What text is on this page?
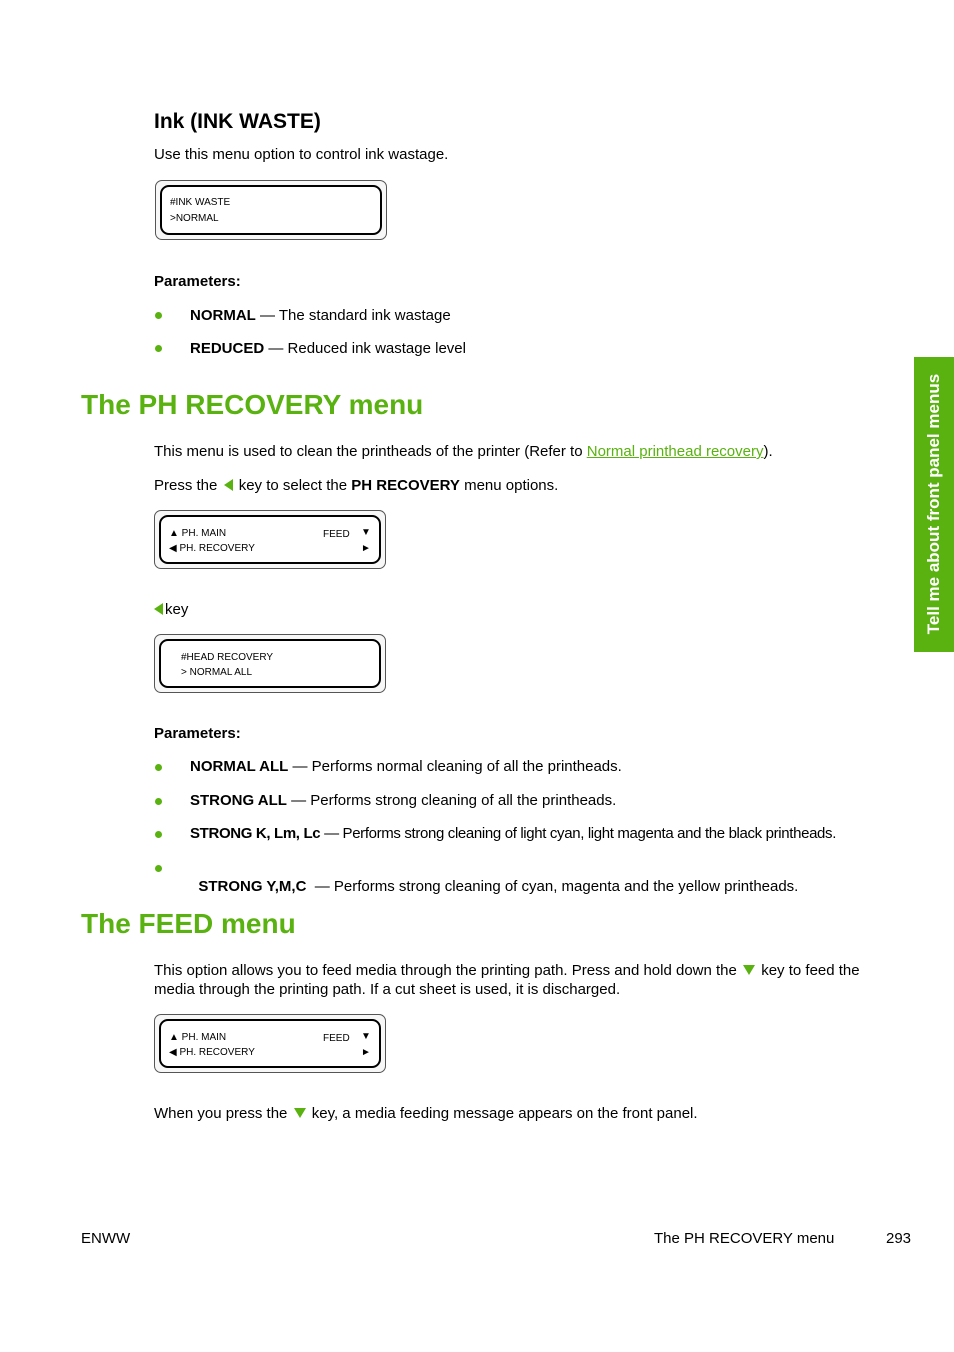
Ink (INK WASTE)
Use this menu option to control ink wastage.
#INK WASTE
>NORMAL
Parameters:
NORMAL — The standard ink wastage
REDUCED — Reduced ink wastage level
The PH RECOVERY menu
This menu is used to clean the printheads of the printer (Refer to Normal printhead recovery).
Press the  key to select the PH RECOVERY menu options.
▲ PH. MAIN
◀ PH. RECOVERY
FEED ▼
►
key
#HEAD RECOVERY
> NORMAL ALL
Parameters:
NORMAL ALL — Performs normal cleaning of all the printheads.
STRONG ALL — Performs strong cleaning of all the printheads.
STRONG K, Lm, Lc — Performs strong cleaning of light cyan, light magenta and the black printheads.

STRONG Y,M,C  — Performs strong cleaning of cyan, magenta and the yellow printheads.

The FEED menu
This option allows you to feed media through the printing path. Press and hold down the  key to feed the
media through the printing path. If a cut sheet is used, it is discharged.
▲ PH. MAIN
◀ PH. RECOVERY
FEED ▼
►
When you press the  key, a media feeding message appears on the front panel.
Tell me about front panel menus
ENWW	The PH RECOVERY menu	293
